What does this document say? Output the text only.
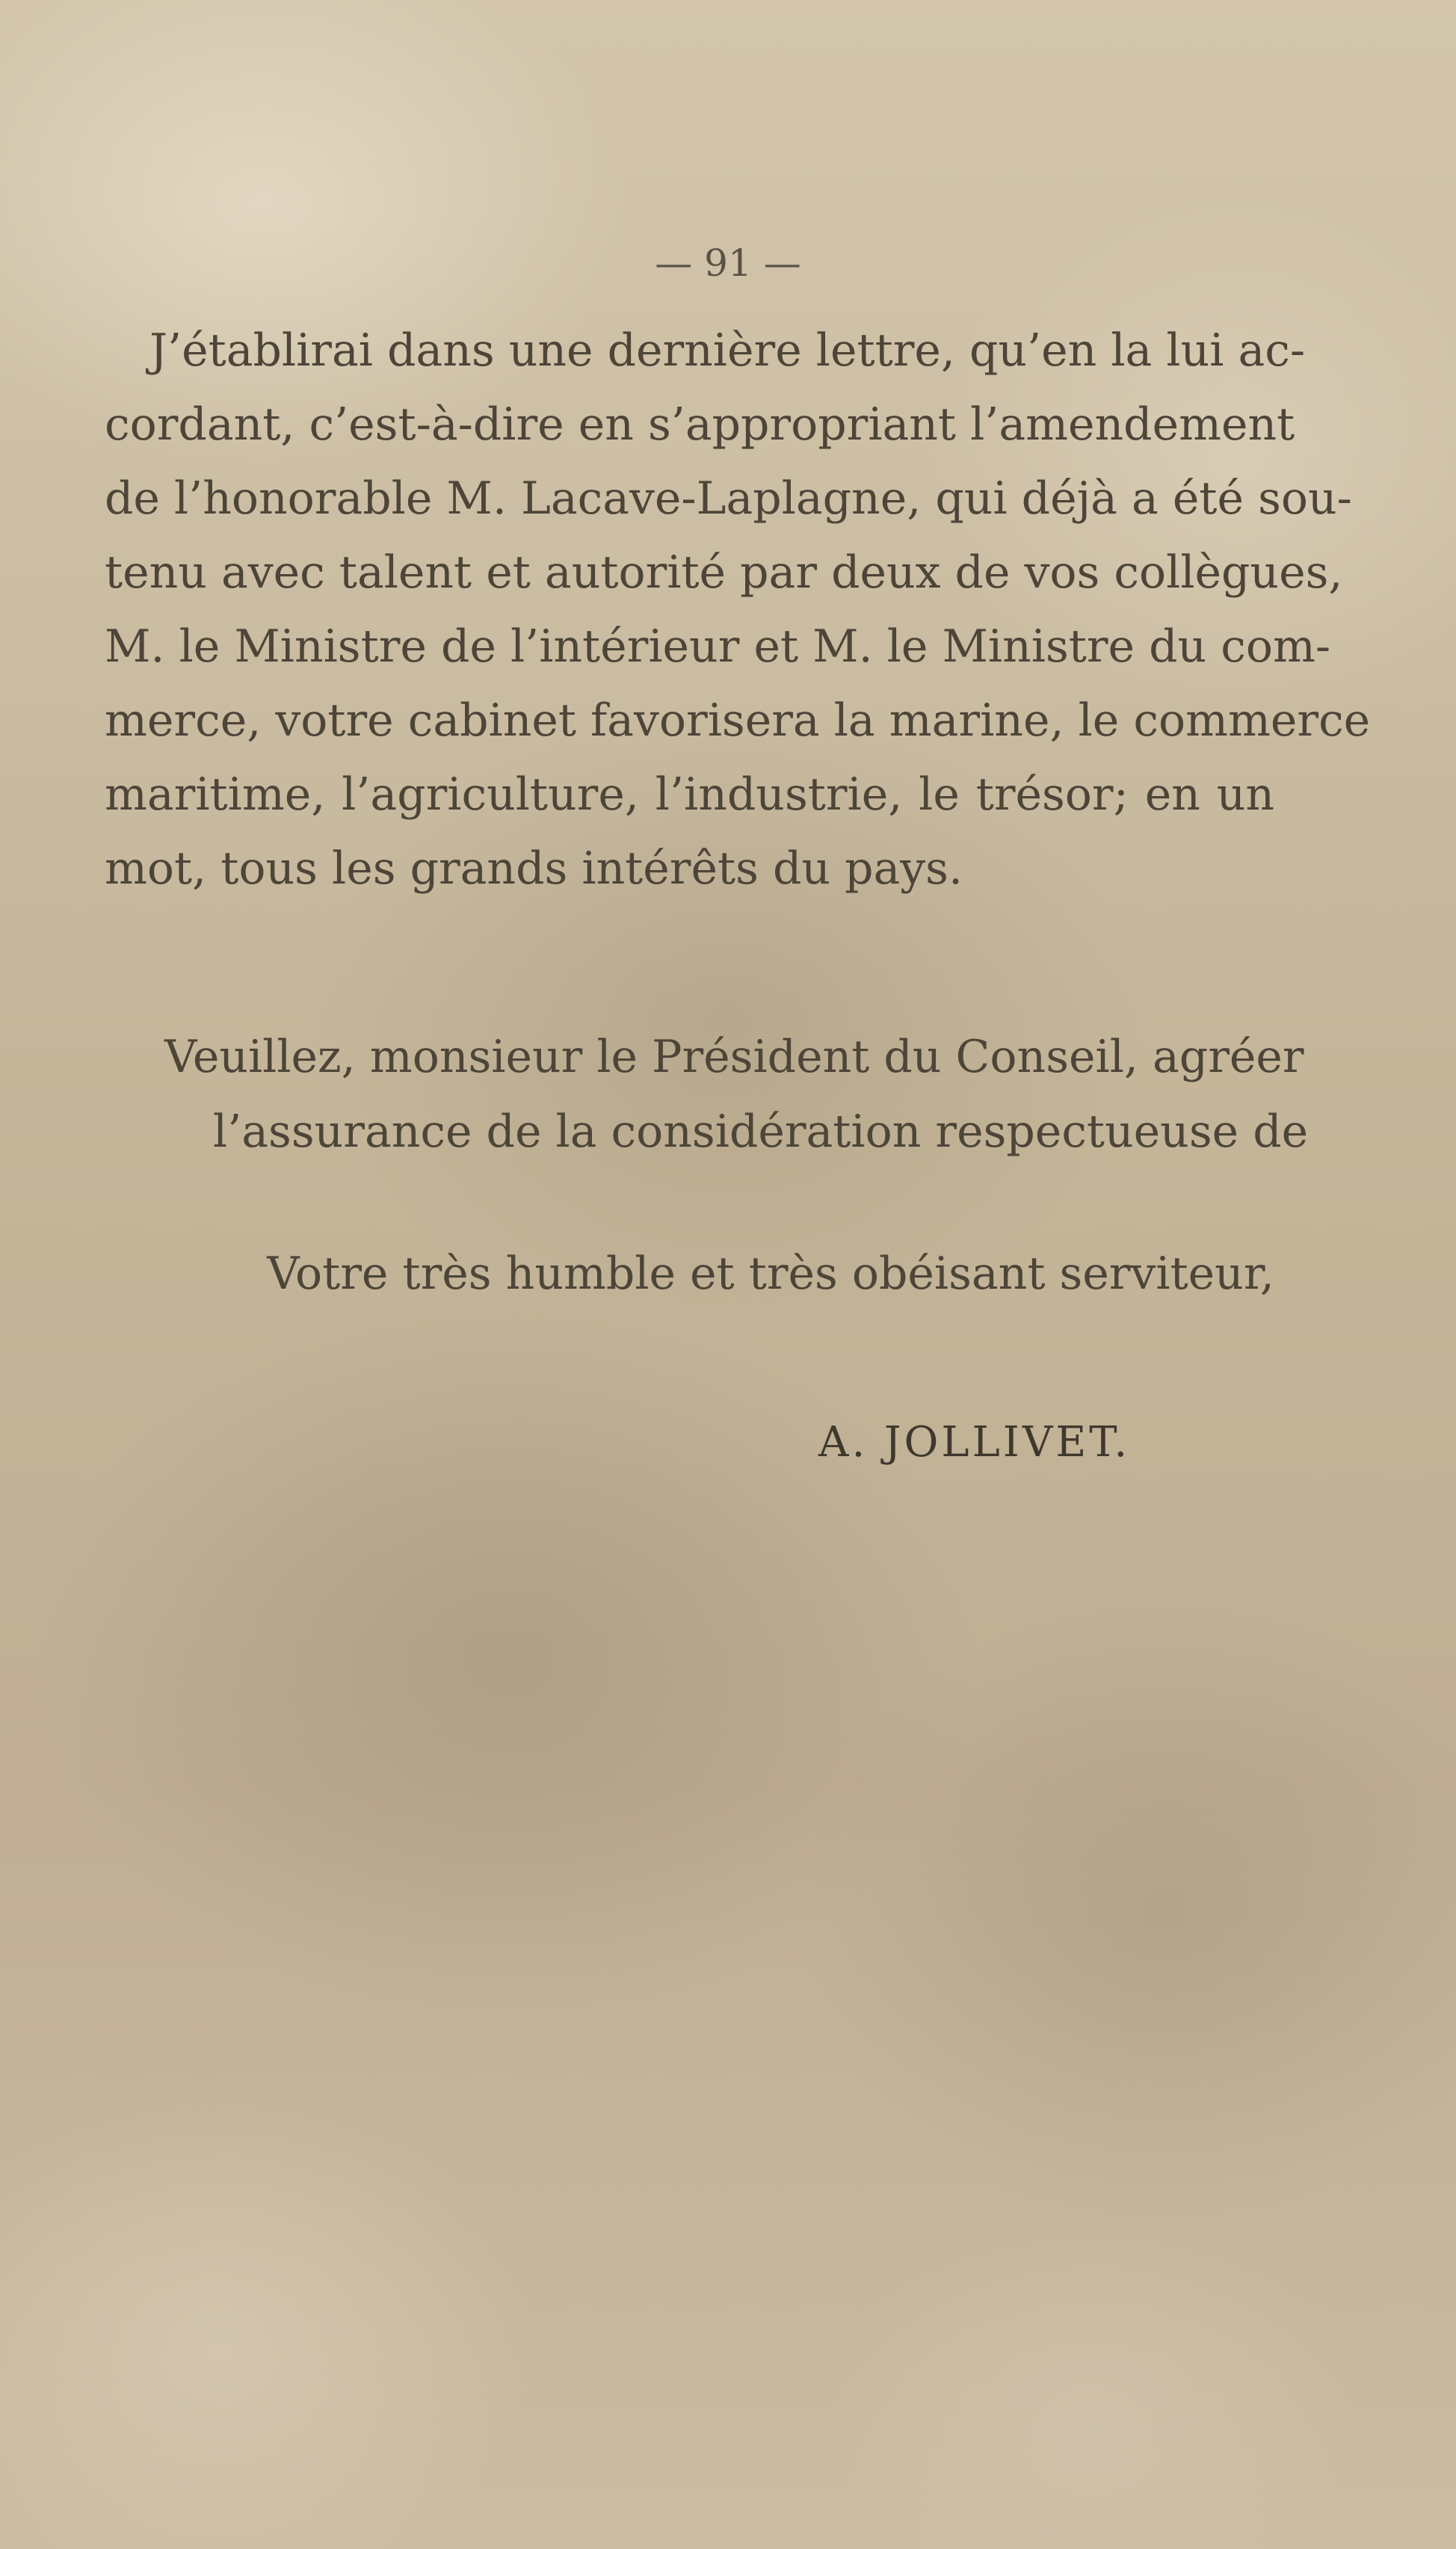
— 91 —
J’établirai dans une dernière lettre, qu’en la lui ac-
cordant, c’est-à-dire en s’appropriant l’amendement
de l’honorable M. Lacave-Laplagne, qui déjà a été sou-
tenu avec talent et autorité par deux de vos collègues,
M. le Ministre de l’intérieur et M. le Ministre du com-
merce, votre cabinet favorisera la marine, le commerce
maritime, l’agriculture, l’industrie, le trésor; en un
mot, tous les grands intérêts du pays.
Veuillez, monsieur le Président du Conseil, agréer
l’assurance de la considération respectueuse de
Votre très humble et très obéisant serviteur,
A. JOLLIVET.
